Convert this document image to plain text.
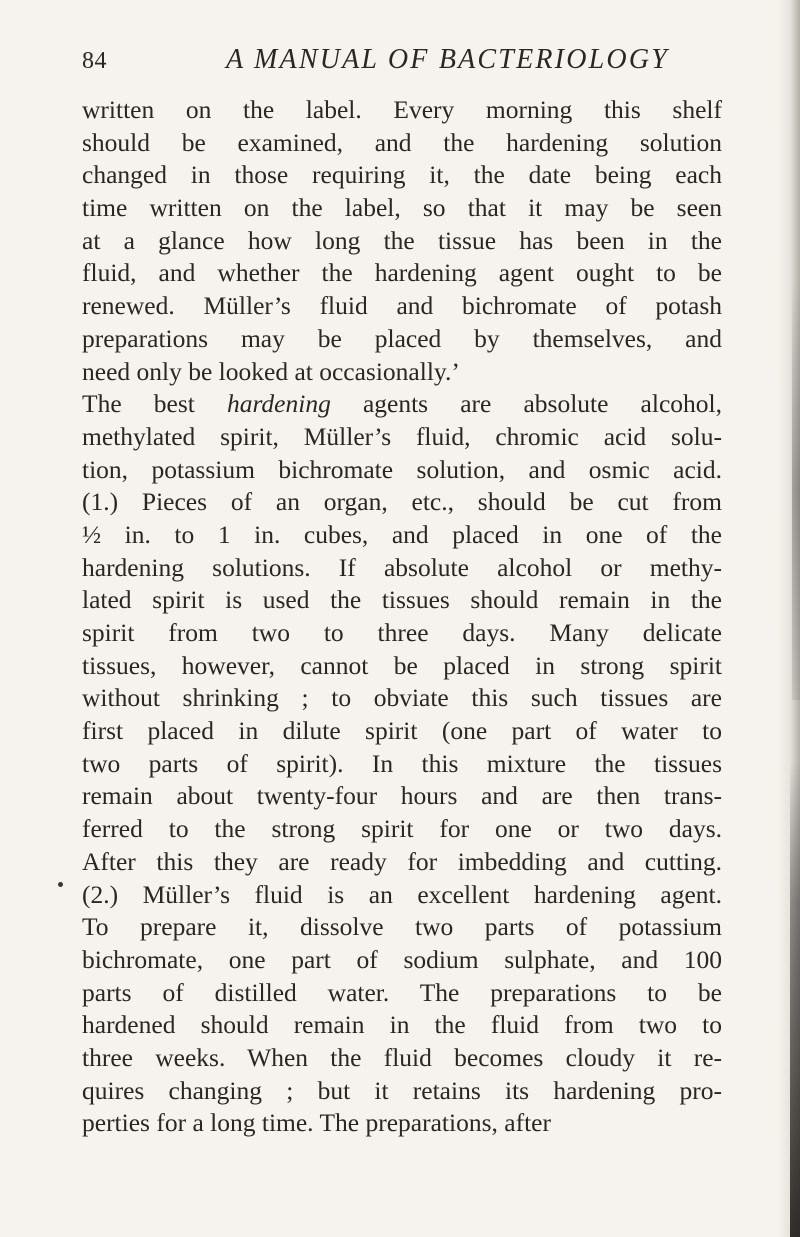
84	A MANUAL OF BACTERIOLOGY
written on the label. Every morning this shelf
should be examined, and the hardening solution
changed in those requiring it, the date being each
time written on the label, so that it may be seen
at a glance how long the tissue has been in the
fluid, and whether the hardening agent ought to be
renewed. Müller’s fluid and bichromate of potash
preparations may be placed by themselves, and
need only be looked at occasionally.’
The best hardening agents are absolute alcohol,
methylated spirit, Müller’s fluid, chromic acid solu-
tion, potassium bichromate solution, and osmic acid.
(1.) Pieces of an organ, etc., should be cut from
½ in. to 1 in. cubes, and placed in one of the
hardening solutions. If absolute alcohol or methy-
lated spirit is used the tissues should remain in the
spirit from two to three days. Many delicate
tissues, however, cannot be placed in strong spirit
without shrinking ; to obviate this such tissues are
first placed in dilute spirit (one part of water to
two parts of spirit). In this mixture the tissues
remain about twenty-four hours and are then trans-
ferred to the strong spirit for one or two days.
After this they are ready for imbedding and cutting.
(2.) Müller’s fluid is an excellent hardening agent.
To prepare it, dissolve two parts of potassium
bichromate, one part of sodium sulphate, and 100
parts of distilled water. The preparations to be
hardened should remain in the fluid from two to
three weeks. When the fluid becomes cloudy it re-
quires changing ; but it retains its hardening pro-
perties for a long time. The preparations, after
